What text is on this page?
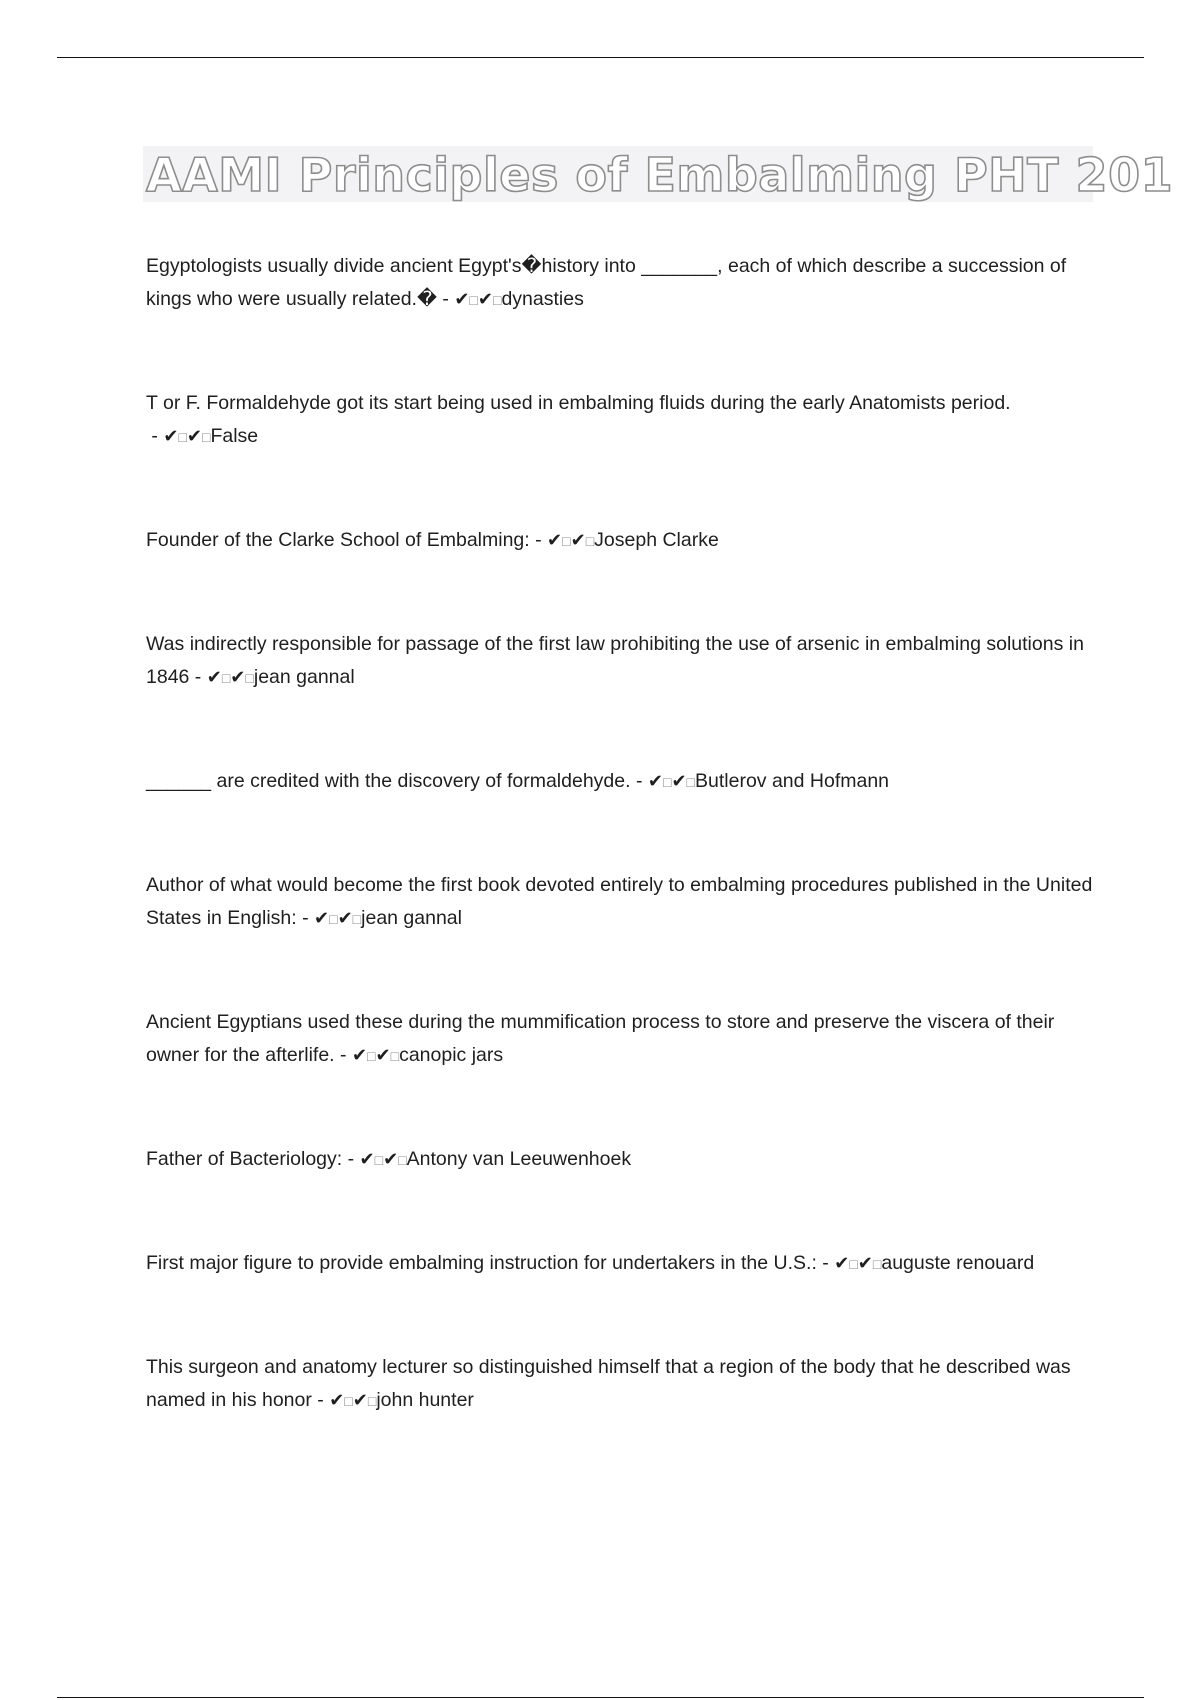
AAMI Principles of Embalming PHT 201
Egyptologists usually divide ancient Egypt's�history into _______, each of which describe a succession of kings who were usually related.� - ✔□✔□dynasties
T or F. Formaldehyde got its start being used in embalming fluids during the early Anatomists period. - ✔□✔□False
Founder of the Clarke School of Embalming: - ✔□✔□Joseph Clarke
Was indirectly responsible for passage of the first law prohibiting the use of arsenic in embalming solutions in 1846 - ✔□✔□jean gannal
______ are credited with the discovery of formaldehyde. - ✔□✔□Butlerov and Hofmann
Author of what would become the first book devoted entirely to embalming procedures published in the United States in English: - ✔□✔□jean gannal
Ancient Egyptians used these during the mummification process to store and preserve the viscera of their owner for the afterlife. - ✔□✔□canopic jars
Father of Bacteriology: - ✔□✔□Antony van Leeuwenhoek
First major figure to provide embalming instruction for undertakers in the U.S.: - ✔□✔□auguste renouard
This surgeon and anatomy lecturer so distinguished himself that a region of the body that he described was named in his honor - ✔□✔□john hunter
